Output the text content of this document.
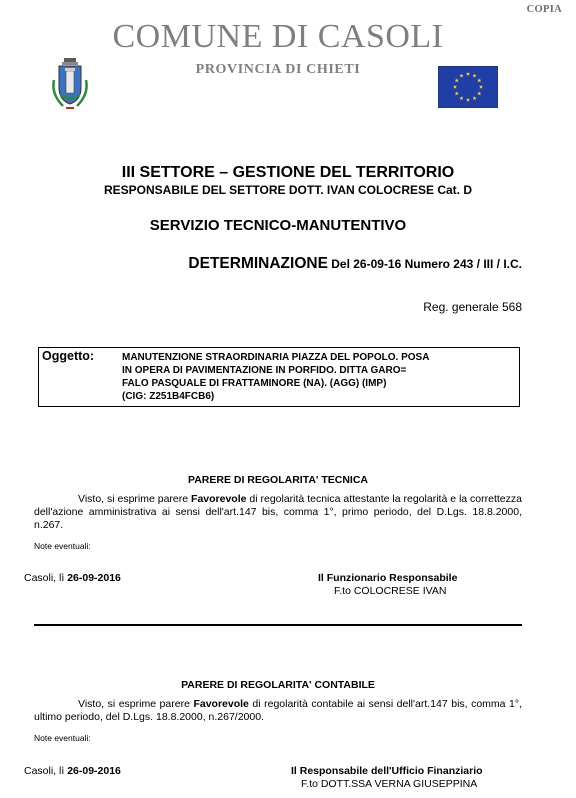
COPIA
COMUNE DI CASOLI
PROVINCIA DI CHIETI
III SETTORE – GESTIONE DEL TERRITORIO
RESPONSABILE DEL SETTORE DOTT. IVAN COLOCRESE Cat. D
SERVIZIO TECNICO-MANUTENTIVO
DETERMINAZIONE Del 26-09-16 Numero 243 / III / I.C.
Reg. generale 568
Oggetto:	MANUTENZIONE STRAORDINARIA PIAZZA DEL POPOLO. POSA
IN OPERA DI PAVIMENTAZIONE IN PORFIDO. DITTA GARO=
FALO PASQUALE DI FRATTAMINORE (NA). (AGG) (IMP)
(CIG: Z251B4FCB6)
PARERE DI REGOLARITA' TECNICA
Visto, si esprime parere Favorevole di regolarità tecnica attestante la regolarità e la correttezza dell'azione amministrativa ai sensi dell'art.147 bis, comma 1°, primo periodo, del D.Lgs. 18.8.2000, n.267.
Note eventuali:
Casoli, lì 26-09-2016	Il Funzionario Responsabile
F.to COLOCRESE IVAN
PARERE DI REGOLARITA' CONTABILE
Visto, si esprime parere Favorevole di regolarità contabile ai sensi dell'art.147 bis, comma 1°, ultimo periodo, del D.Lgs. 18.8.2000, n.267/2000.
Note eventuali:
Casoli, lì 26-09-2016	Il Responsabile dell'Ufficio Finanziario
F.to DOTT.SSA VERNA GIUSEPPINA
